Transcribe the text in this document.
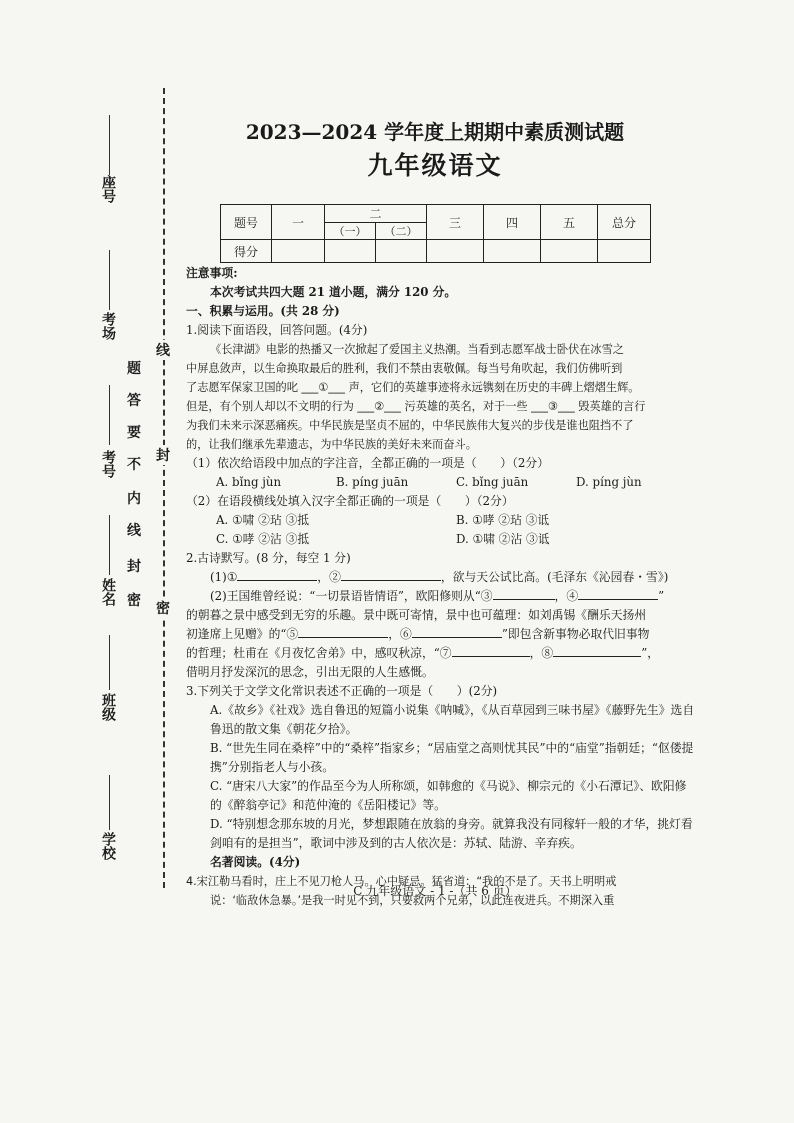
座号
考场
考号
姓名
班级
学校
题
答
要
不
内
线
封
密
线
封
密
2023—2024 学年度上期期中素质测试题
九年级语文
题号	一	二		三	四	五	总分
		（一）	（二）				
得分							

注意事项:

本次考试共四大题 21 道小题，满分 120 分。

一、积累与运用。(共 28 分)

1.阅读下面语段，回答问题。(4分)

《长津湖》电影的热播又一次掀起了爱国主义热潮。当看到志愿军战士卧伏在冰雪之

中屏息敛声，以生命换取最后的胜利，我们不禁由衷敬佩。每当号角吹起，我们仿佛听到

了志愿军保家卫国的叱 ___①___ 声，它们的英雄事迹将永远镌刻在历史的丰碑上熠熠生辉。

但是，有个别人却以不文明的行为 ___②___ 污英雄的英名，对于一些 ___③___ 毁英雄的言行

为我们未来示深恶痛疾。中华民族是坚贞不屈的，中华民族伟大复兴的步伐是谁也阻挡不了

的，让我们继承先辈遗志，为中华民族的美好未来而奋斗。

（1）依次给语段中加点的字注音，全都正确的一项是（　　）（2分）

A. bǐng jùn	B. píng juān	C. bǐng juān	D. píng jùn

（2）在语段横线处填入汉字全都正确的一项是（　　）（2分）

A. ①啸 ②玷 ③抵	B. ①哮 ②玷 ③诋
C. ①哮 ②沾 ③抵	D. ①啸 ②沾 ③诋

2.古诗默写。(8 分，每空 1 分)

(1)①	，②	，欲与天公试比高。(毛泽东《沁园春・雪》)

(2)王国维曾经说：“一切景语皆情语”，欧阳修则从“③	，④	”

的朝暮之景中感受到无穷的乐趣。景中既可寄情，景中也可蕴理：如刘禹锡《酬乐天扬州

初逢席上见赠》的“⑤	，⑥	”即包含新事物必取代旧事物

的哲理；杜甫在《月夜忆舍弟》中，感叹秋凉，“⑦	，⑧	”，

借明月抒发深沉的思念，引出无限的人生感慨。

3.下列关于文学文化常识表述不正确的一项是（　　）(2分)

A.《故乡》《社戏》选自鲁迅的短篇小说集《呐喊》，《从百草园到三味书屋》《藤野先生》选自鲁迅的散文集《朝花夕拾》。

B. “世先生同在桑梓”中的“桑梓”指家乡；“居庙堂之高则忧其民”中的“庙堂”指朝廷；“伛偻提携”分别指老人与小孩。

C. “唐宋八大家”的作品至今为人所称颂，如韩愈的《马说》、柳宗元的《小石潭记》、欧阳修的《醉翁亭记》和范仲淹的《岳阳楼记》等。

D. “特别想念那东坡的月光，梦想跟随在放翁的身旁。就算我没有同稼轩一般的才华，挑灯看剑咱有的是担当”，歌词中涉及到的古人依次是：苏轼、陆游、辛弃疾。

名著阅读。(4分)

4.宋江勒马看时，庄上不见刀枪人马。心中疑忌。猛省道：“我的不是了。天书上明明戒

说：‘临敌休急暴。’是我一时见不到，只要救两个兄弟，以此连夜进兵。不期深入重

C 九年级语文 - 1 -（共 6 页）
